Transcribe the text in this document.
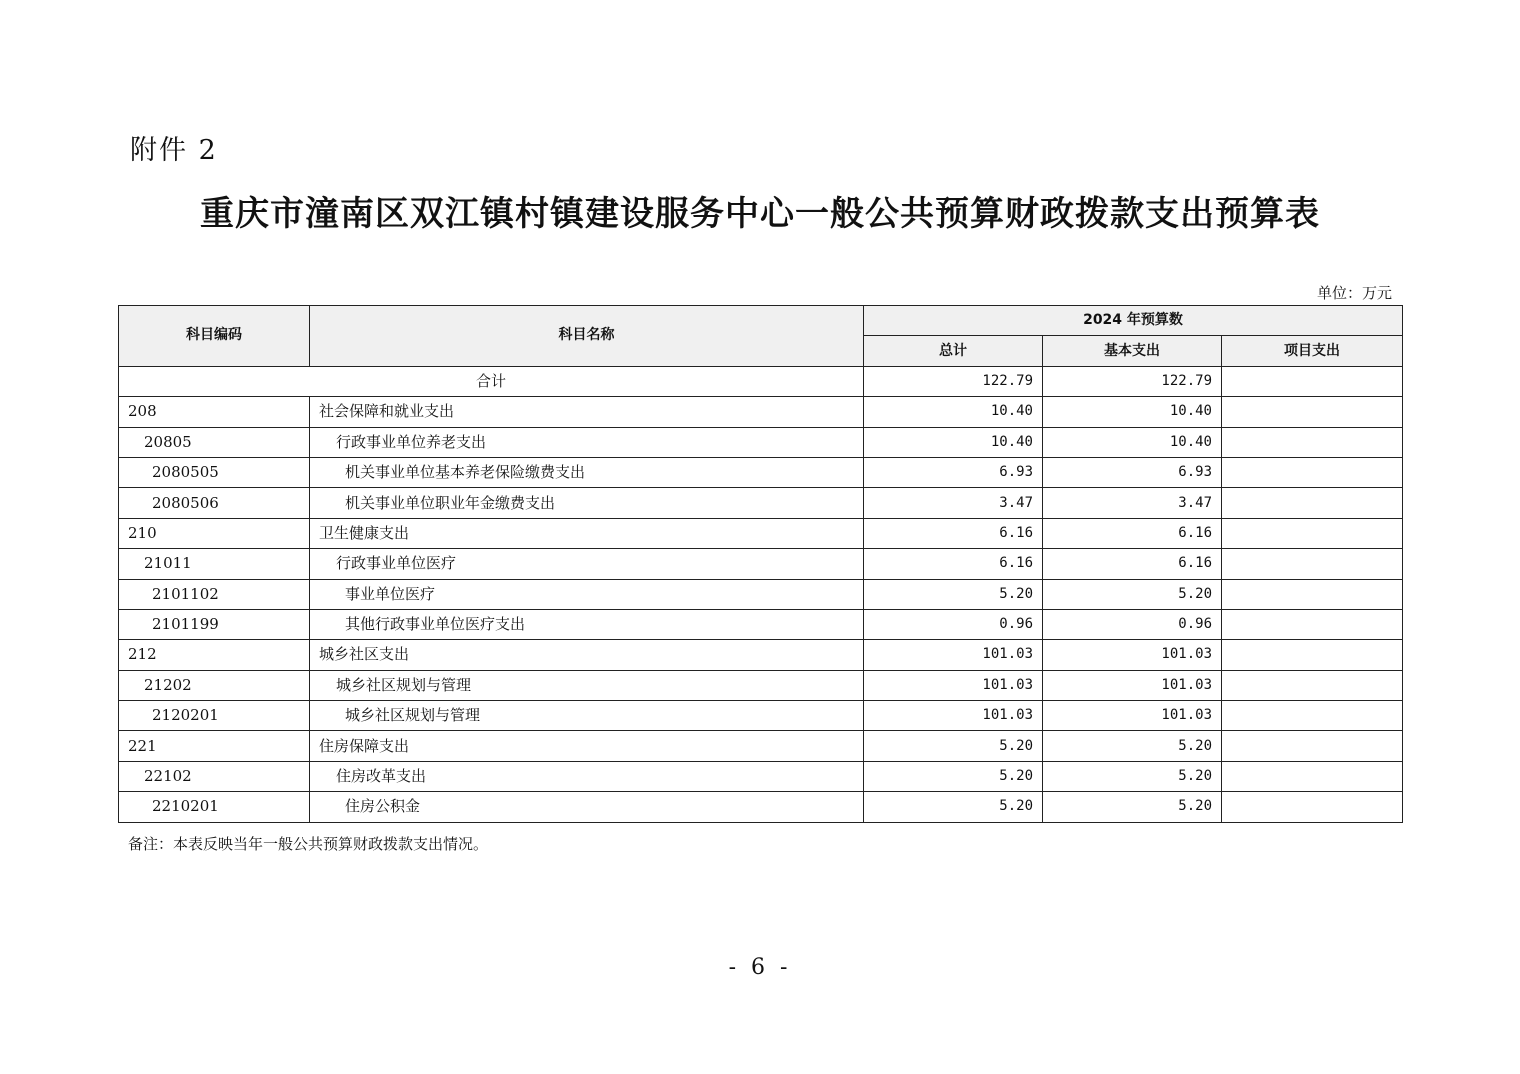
附件 2
重庆市潼南区双江镇村镇建设服务中心一般公共预算财政拨款支出预算表
单位：万元
科目编码	科目名称	2024 年预算数		
		总计	基本支出	项目支出
合计		122.79	122.79	
208	社会保障和就业支出	10.40	10.40	
20805	行政事业单位养老支出	10.40	10.40	
2080505	机关事业单位基本养老保险缴费支出	6.93	6.93	
2080506	机关事业单位职业年金缴费支出	3.47	3.47	
210	卫生健康支出	6.16	6.16	
21011	行政事业单位医疗	6.16	6.16	
2101102	事业单位医疗	5.20	5.20	
2101199	其他行政事业单位医疗支出	0.96	0.96	
212	城乡社区支出	101.03	101.03	
21202	城乡社区规划与管理	101.03	101.03	
2120201	城乡社区规划与管理	101.03	101.03	
221	住房保障支出	5.20	5.20	
22102	住房改革支出	5.20	5.20	
2210201	住房公积金	5.20	5.20	
备注：本表反映当年一般公共预算财政拨款支出情况。
- 6 -
